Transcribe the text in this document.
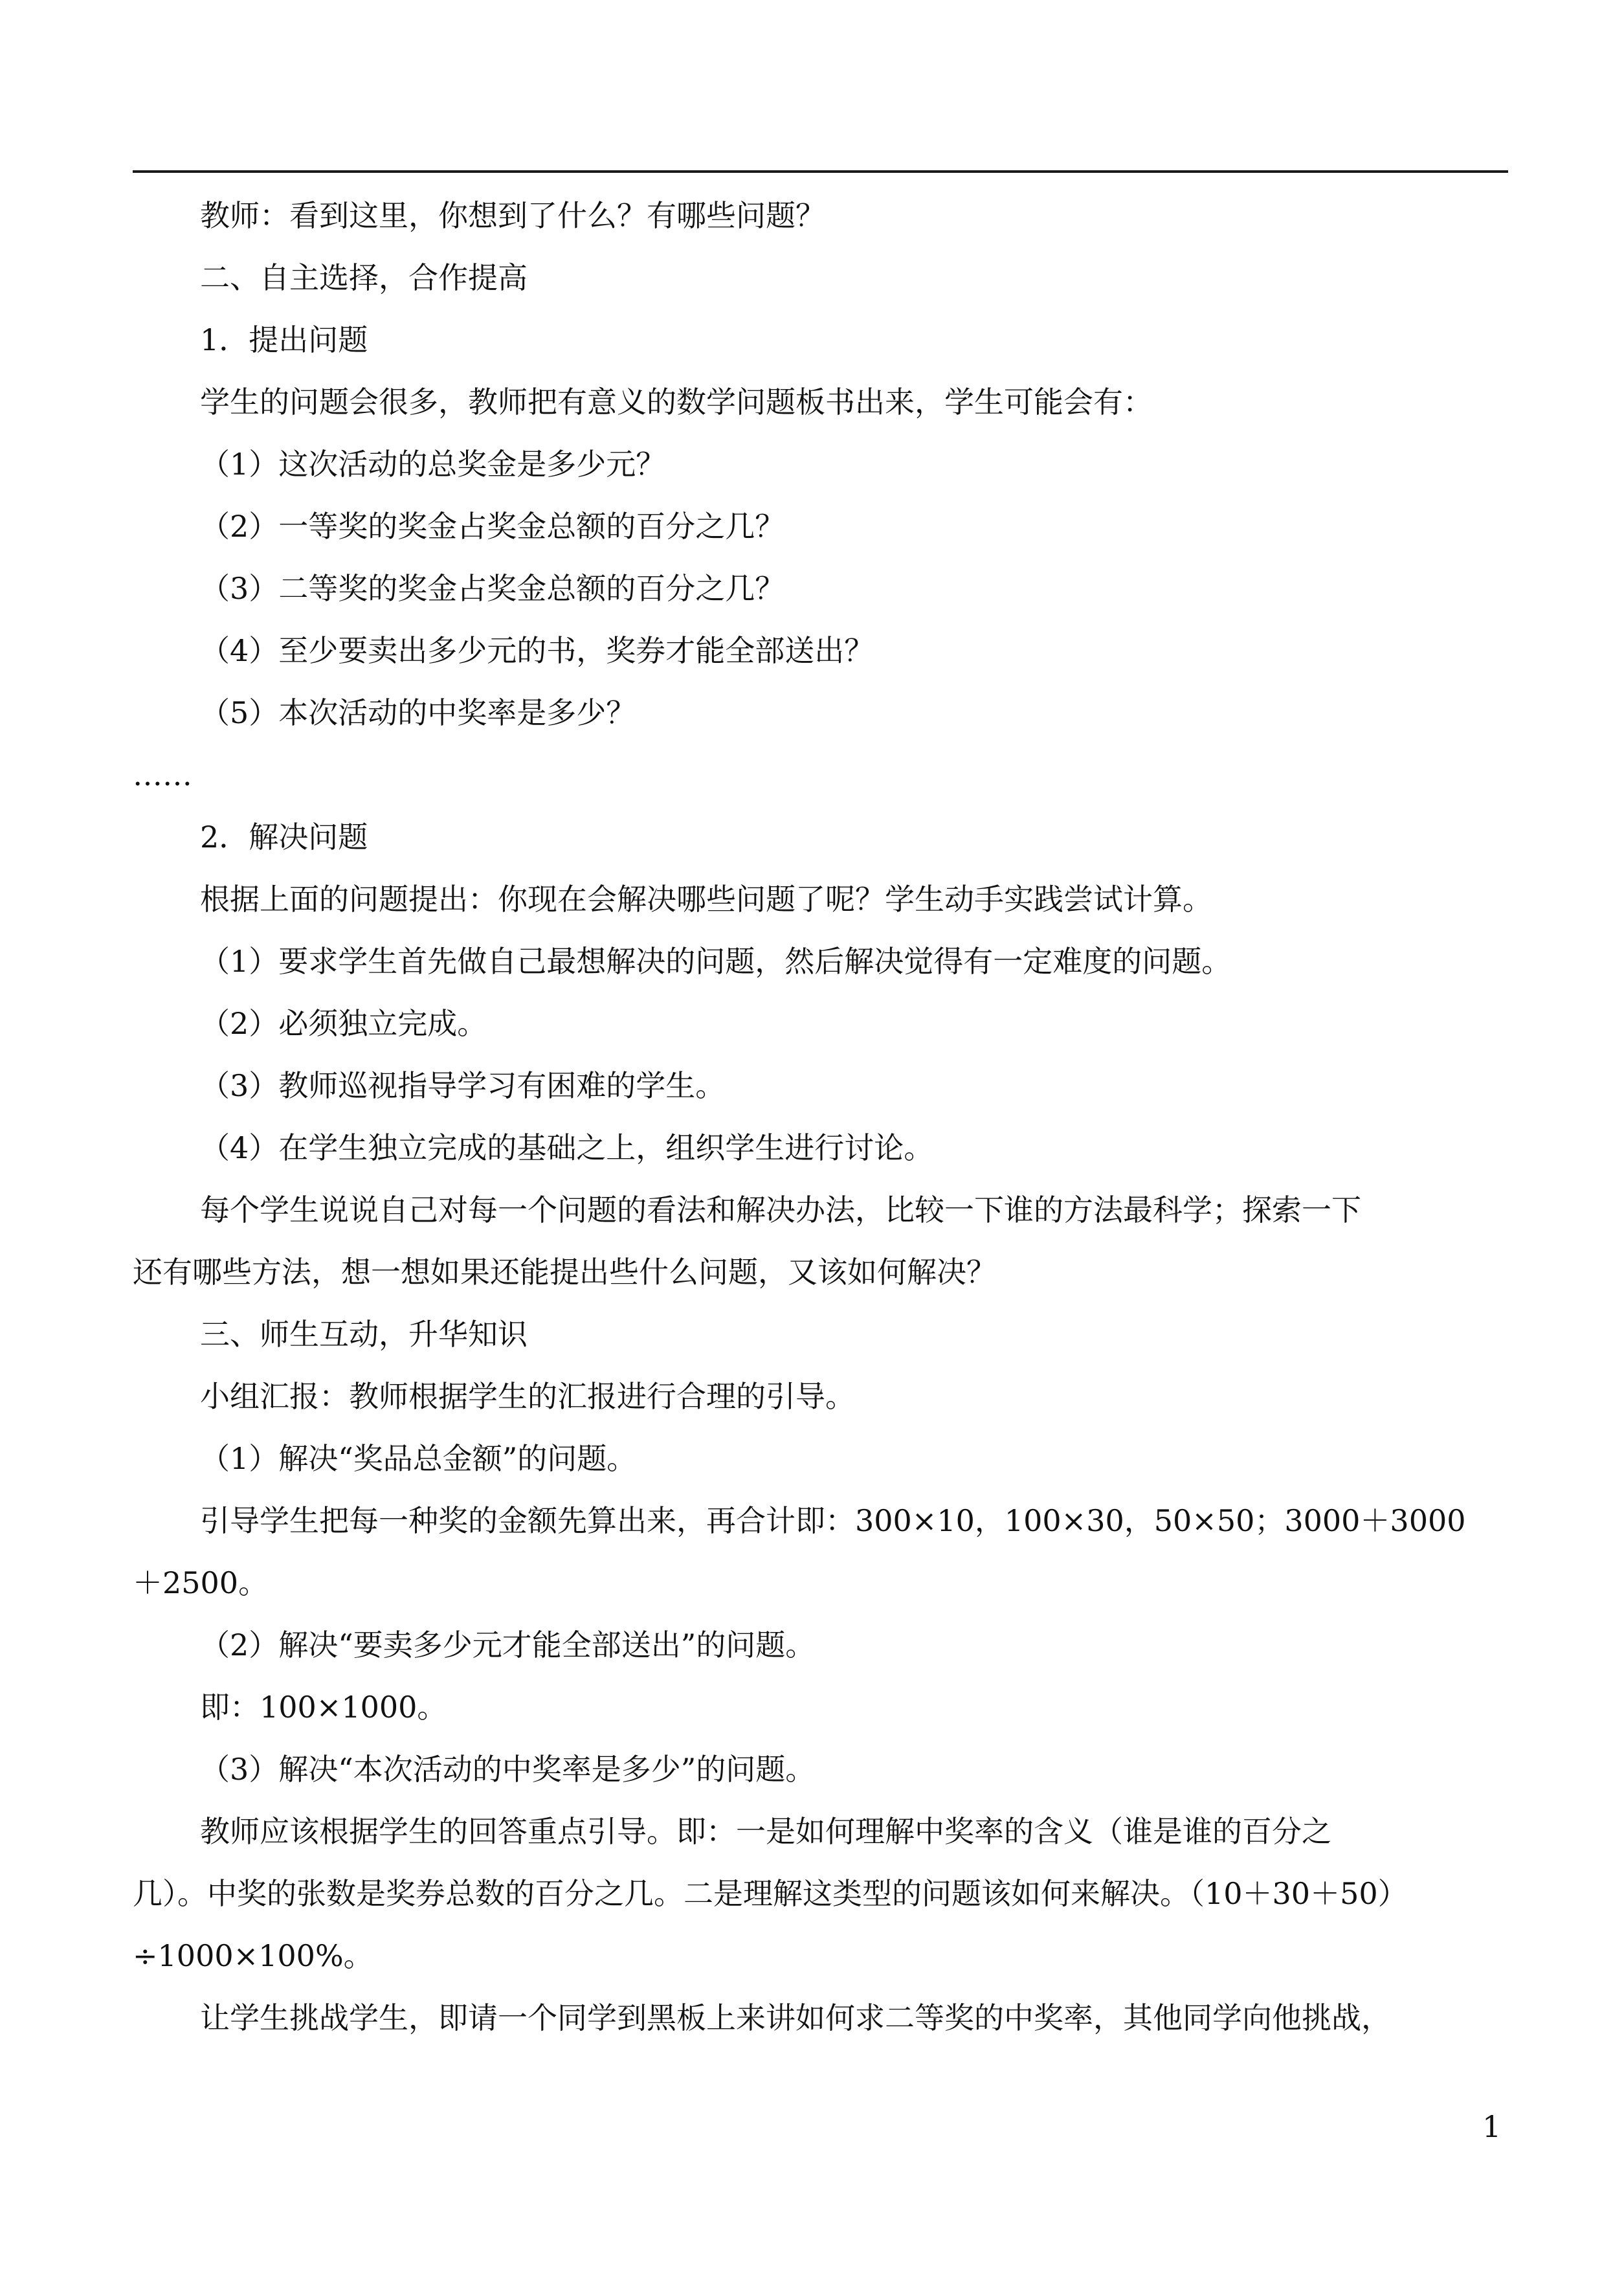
教师：看到这里，你想到了什么？有哪些问题？
二、自主选择，合作提高
1．提出问题
学生的问题会很多，教师把有意义的数学问题板书出来，学生可能会有：
（1）这次活动的总奖金是多少元？
（2）一等奖的奖金占奖金总额的百分之几？
（3）二等奖的奖金占奖金总额的百分之几？
（4）至少要卖出多少元的书，奖券才能全部送出？
（5）本次活动的中奖率是多少？
……
2．解决问题
根据上面的问题提出：你现在会解决哪些问题了呢？学生动手实践尝试计算。
（1）要求学生首先做自己最想解决的问题，然后解决觉得有一定难度的问题。
（2）必须独立完成。
（3）教师巡视指导学习有困难的学生。
（4）在学生独立完成的基础之上，组织学生进行讨论。
每个学生说说自己对每一个问题的看法和解决办法，比较一下谁的方法最科学；探索一下
还有哪些方法，想一想如果还能提出些什么问题，又该如何解决？
三、师生互动，升华知识
小组汇报：教师根据学生的汇报进行合理的引导。
（1）解决“奖品总金额”的问题。
引导学生把每一种奖的金额先算出来，再合计即：300×10，100×30，50×50；3000＋3000
＋2500。
（2）解决“要卖多少元才能全部送出”的问题。
即：100×1000。
（3）解决“本次活动的中奖率是多少”的问题。
教师应该根据学生的回答重点引导。即：一是如何理解中奖率的含义（谁是谁的百分之
几）。中奖的张数是奖券总数的百分之几。二是理解这类型的问题该如何来解决。（10＋30＋50）
÷1000×100%。
让学生挑战学生，即请一个同学到黑板上来讲如何求二等奖的中奖率，其他同学向他挑战，
1
